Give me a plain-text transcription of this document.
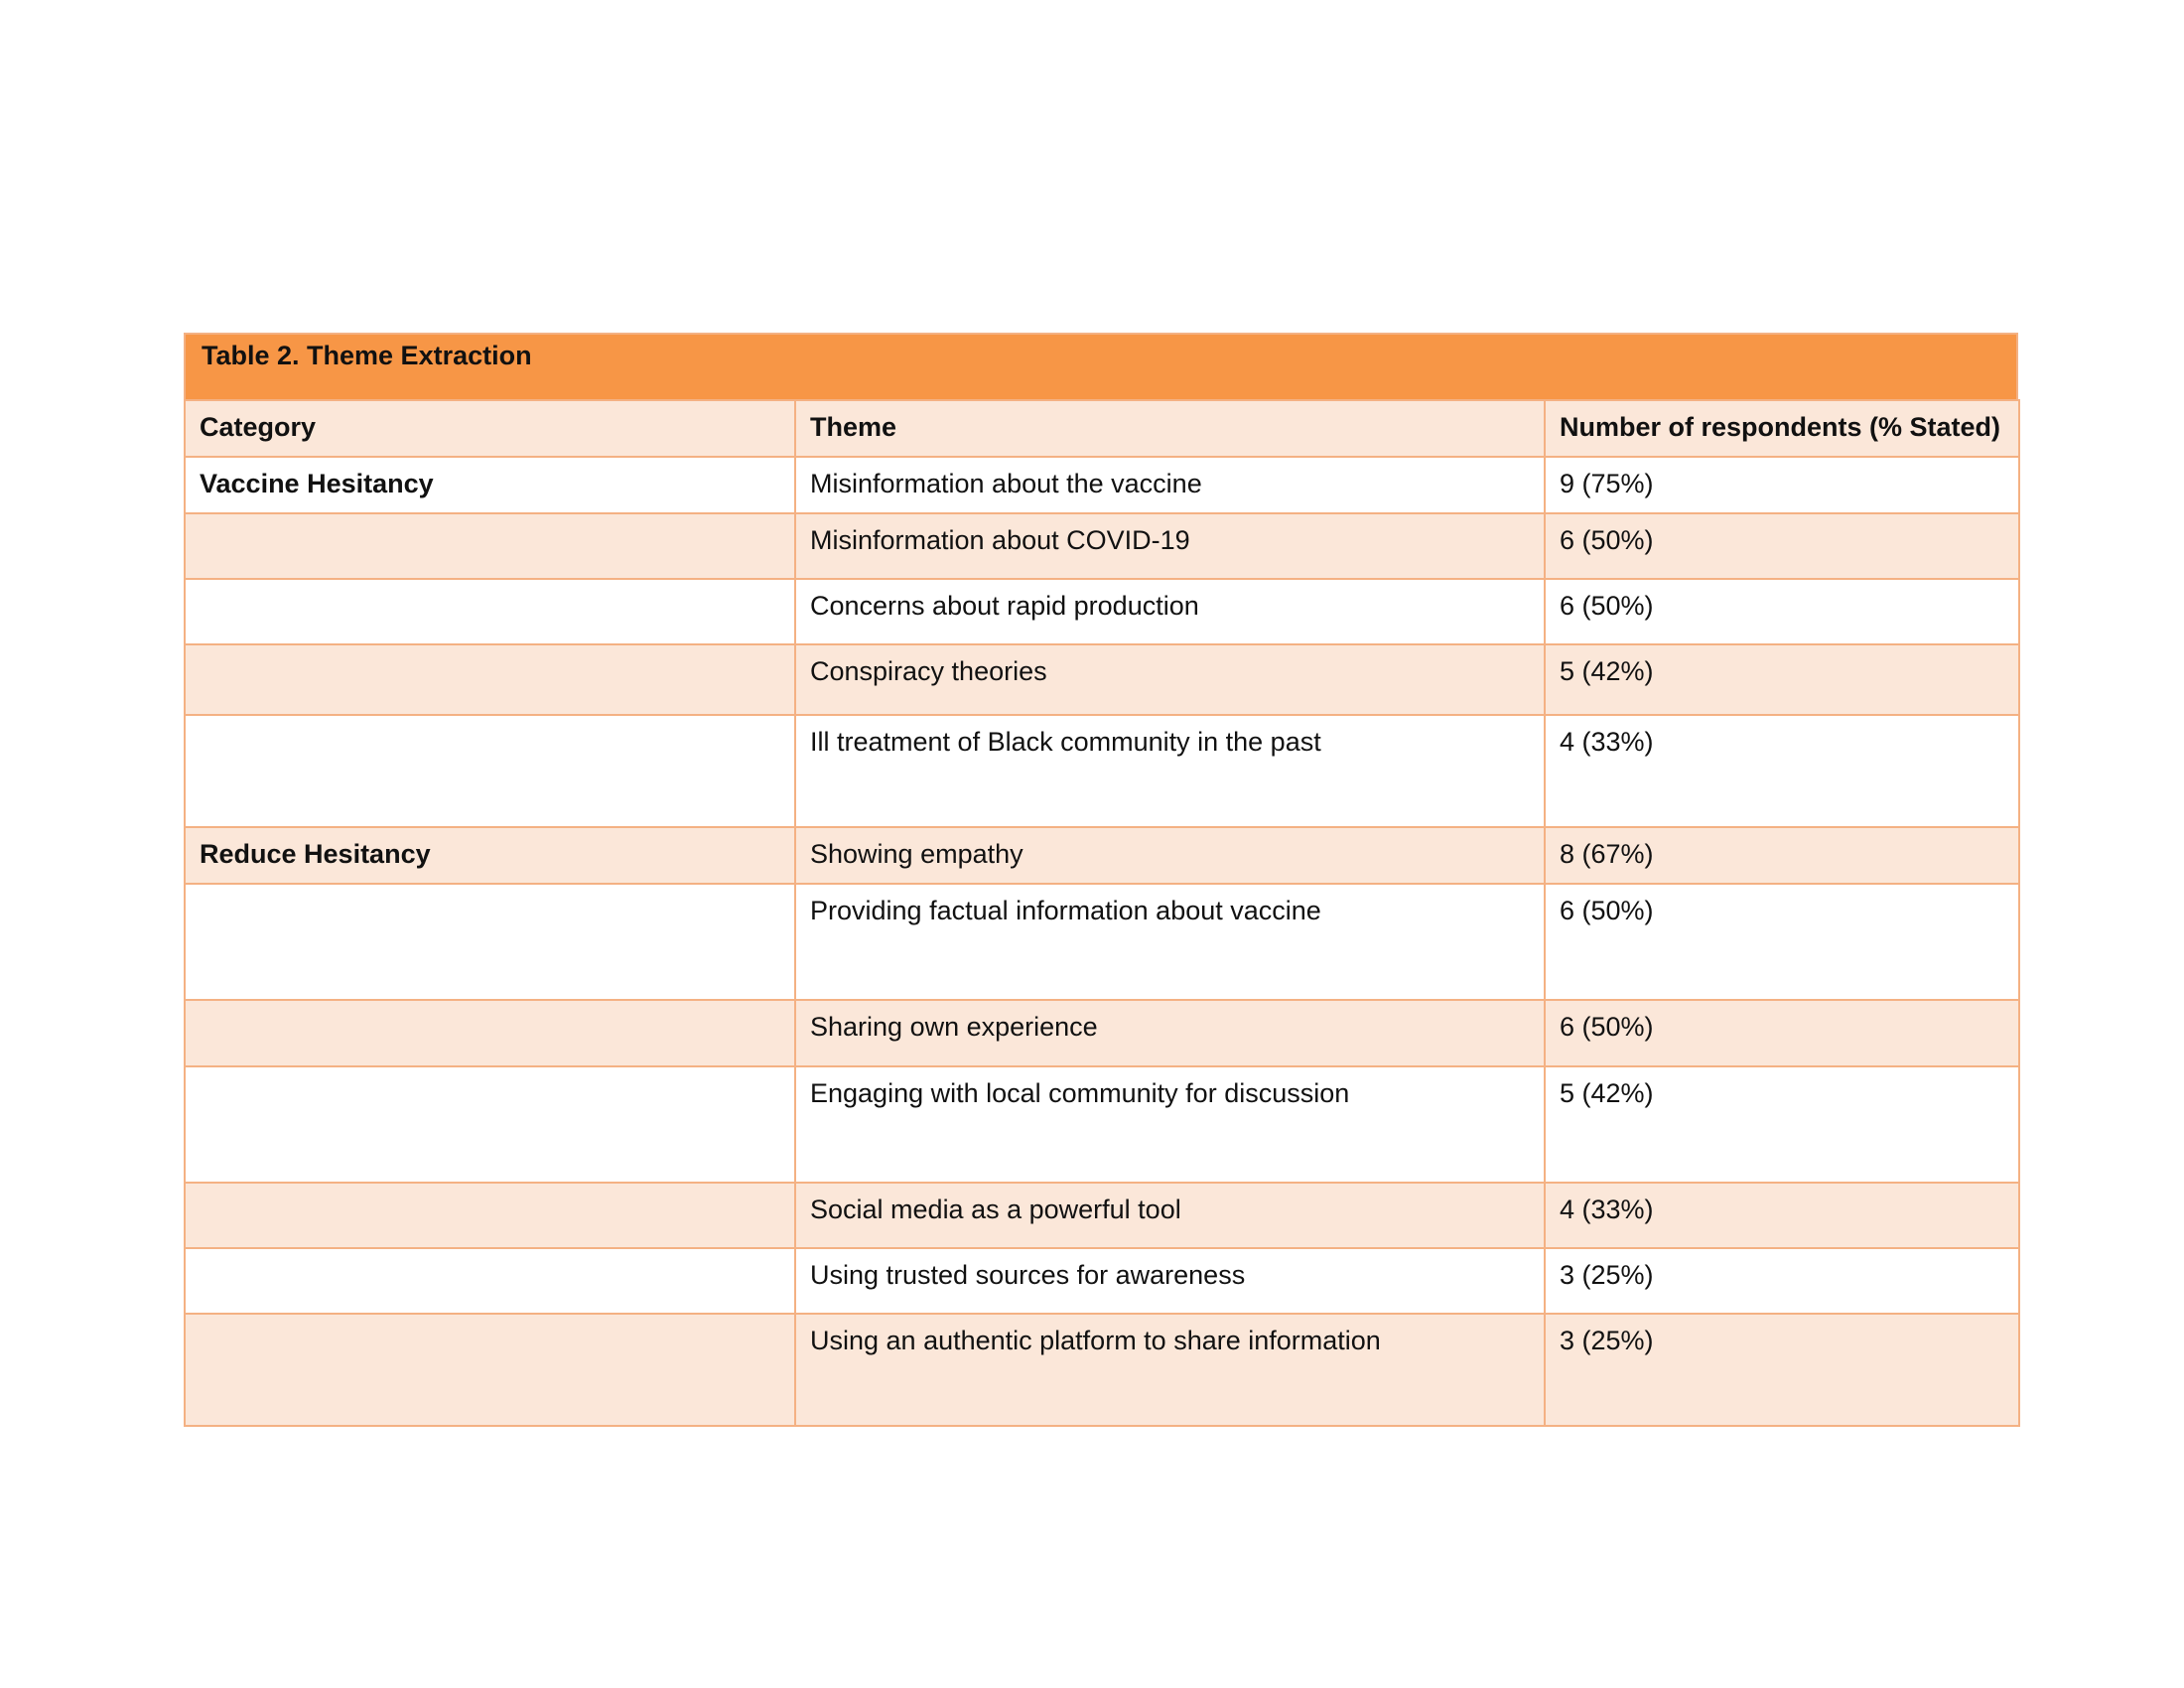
Table 2. Theme Extraction
Category	Theme	Number of respondents (% Stated)
Vaccine Hesitancy	Misinformation about the vaccine	9 (75%)
	Misinformation about COVID-19	6 (50%)
	Concerns about rapid production	6 (50%)
	Conspiracy theories	5 (42%)
	Ill treatment of Black community in the past	4 (33%)
Reduce Hesitancy	Showing empathy	8 (67%)
	Providing factual information about vaccine	6 (50%)
	Sharing own experience	6 (50%)
	Engaging with local community for discussion	5 (42%)
	Social media as a powerful tool	4 (33%)
	Using trusted sources for awareness	3 (25%)
	Using an authentic platform to share information	3 (25%)
